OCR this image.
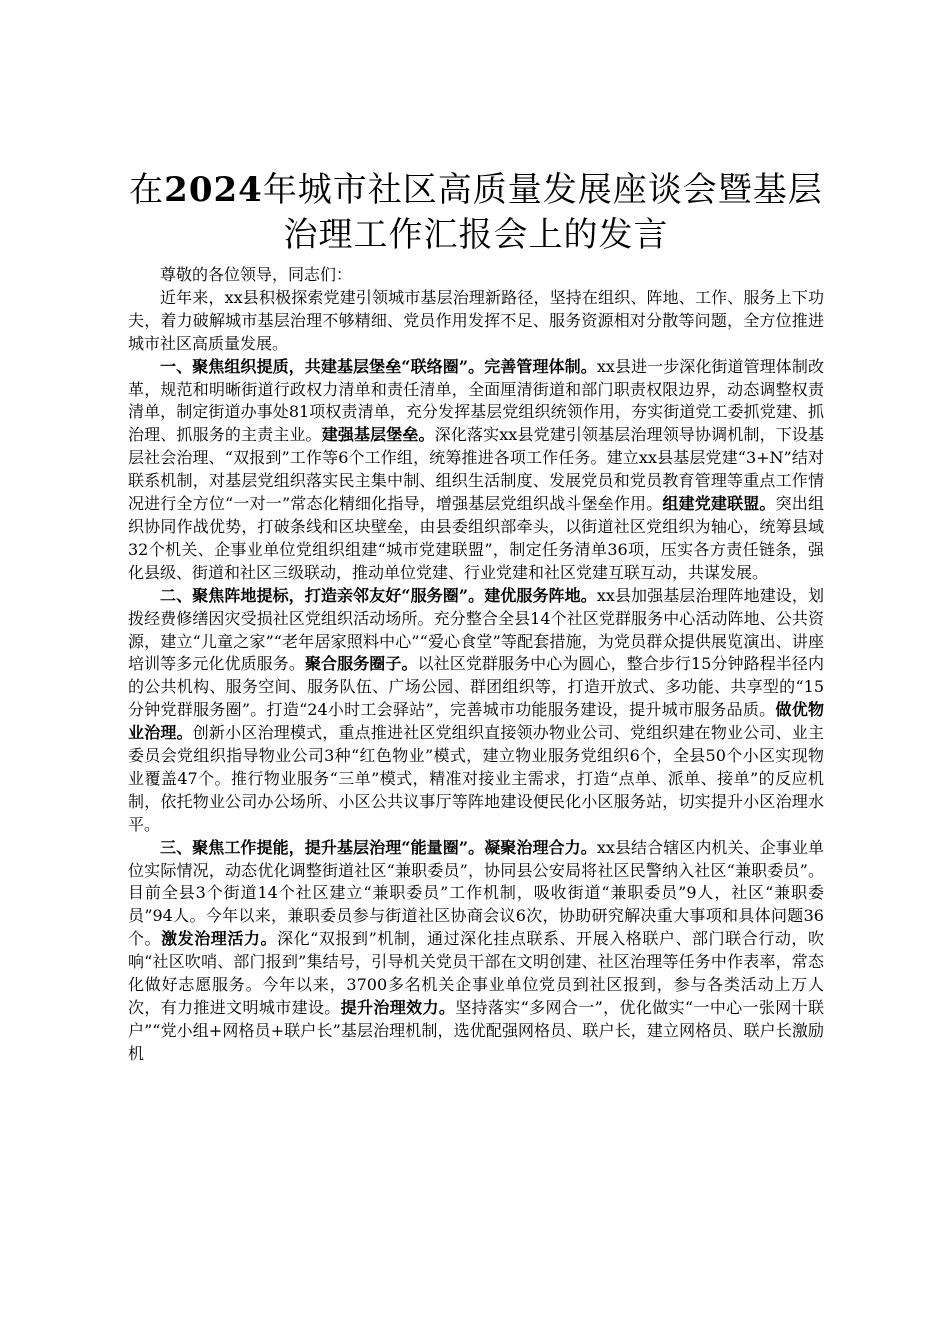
在2024年城市社区高质量发展座谈会暨基层治理工作汇报会上的发言

尊敬的各位领导，同志们：

近年来，xx县积极探索党建引领城市基层治理新路径，坚持在组织、阵地、工作、服务上下功夫，着力破解城市基层治理不够精细、党员作用发挥不足、服务资源相对分散等问题，全方位推进城市社区高质量发展。

一、聚焦组织提质，共建基层堡垒“联络圈”。完善管理体制。xx县进一步深化街道管理体制改革，规范和明晰街道行政权力清单和责任清单，全面厘清街道和部门职责权限边界，动态调整权责清单，制定街道办事处81项权责清单，充分发挥基层党组织统领作用，夯实街道党工委抓党建、抓治理、抓服务的主责主业。建强基层堡垒。深化落实xx县党建引领基层治理领导协调机制，下设基层社会治理、“双报到”工作等6个工作组，统筹推进各项工作任务。建立xx县基层党建“3+N”结对联系机制，对基层党组织落实民主集中制、组织生活制度、发展党员和党员教育管理等重点工作情况进行全方位“一对一”常态化精细化指导，增强基层党组织战斗堡垒作用。组建党建联盟。突出组织协同作战优势，打破条线和区块壁垒，由县委组织部牵头，以街道社区党组织为轴心，统筹县域32个机关、企事业单位党组织组建“城市党建联盟”，制定任务清单36项，压实各方责任链条，强化县级、街道和社区三级联动，推动单位党建、行业党建和社区党建互联互动，共谋发展。

二、聚焦阵地提标，打造亲邻友好“服务圈”。建优服务阵地。xx县加强基层治理阵地建设，划拨经费修缮因灾受损社区党组织活动场所。充分整合全县14个社区党群服务中心活动阵地、公共资源，建立“儿童之家”“老年居家照料中心”“爱心食堂”等配套措施，为党员群众提供展览演出、讲座培训等多元化优质服务。聚合服务圈子。以社区党群服务中心为圆心，整合步行15分钟路程半径内的公共机构、服务空间、服务队伍、广场公园、群团组织等，打造开放式、多功能、共享型的“15分钟党群服务圈”。打造“24小时工会驿站”，完善城市功能服务建设，提升城市服务品质。做优物业治理。创新小区治理模式，重点推进社区党组织直接领办物业公司、党组织建在物业公司、业主委员会党组织指导物业公司3种“红色物业”模式，建立物业服务党组织6个，全县50个小区实现物业覆盖47个。推行物业服务“三单”模式，精准对接业主需求，打造“点单、派单、接单”的反应机制，依托物业公司办公场所、小区公共议事厅等阵地建设便民化小区服务站，切实提升小区治理水平。

三、聚焦工作提能，提升基层治理“能量圈”。凝聚治理合力。xx县结合辖区内机关、企事业单位实际情况，动态优化调整街道社区“兼职委员”，协同县公安局将社区民警纳入社区“兼职委员”。目前全县3个街道14个社区建立“兼职委员”工作机制，吸收街道“兼职委员”9人，社区“兼职委员”94人。今年以来，兼职委员参与街道社区协商会议6次，协助研究解决重大事项和具体问题36个。激发治理活力。深化“双报到”机制，通过深化挂点联系、开展入格联户、部门联合行动，吹响“社区吹哨、部门报到”集结号，引导机关党员干部在文明创建、社区治理等任务中作表率，常态化做好志愿服务。今年以来，3700多名机关企事业单位党员到社区报到，参与各类活动上万人次，有力推进文明城市建设。提升治理效力。坚持落实“多网合一”，优化做实“一中心一张网十联户”“党小组+网格员+联户长”基层治理机制，选优配强网格员、联户长，建立网格员、联户长激励机
